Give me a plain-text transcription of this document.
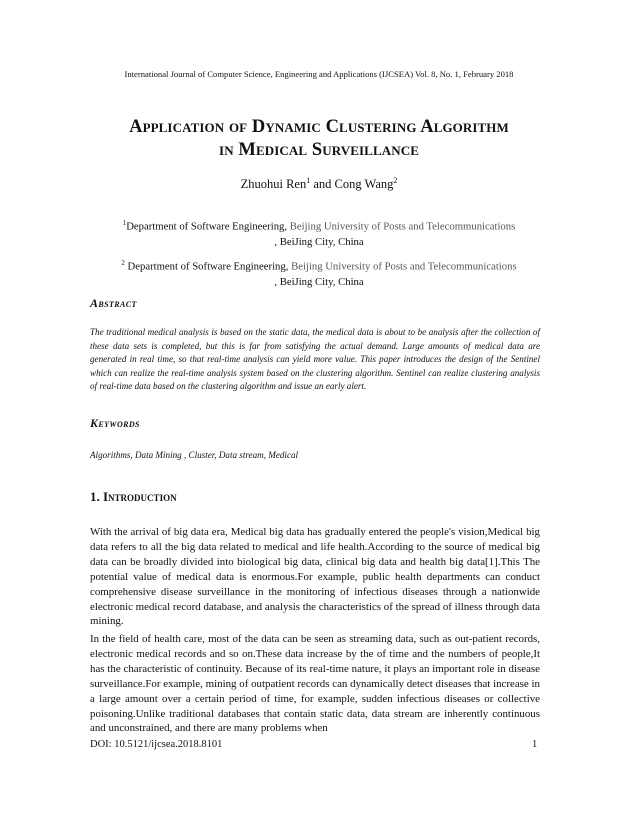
International Journal of Computer Science, Engineering and Applications (IJCSEA) Vol. 8, No. 1, February 2018
Application of Dynamic Clustering Algorithm
in Medical Surveillance
Zhuohui Ren$^1$ and Cong Wang$^2$
$^1$Department of Software Engineering, Beijing University of Posts and Telecommunications
, BeiJing City, China
$^2$ Department of Software Engineering, Beijing University of Posts and Telecommunications
, BeiJing City, China
Abstract
The traditional medical analysis is based on the static data, the medical data is about to be analysis after the collection of these data sets is completed, but this is far from satisfying the actual demand. Large amounts of medical data are generated in real time, so that real-time analysis can yield more value. This paper introduces the design of the Sentinel which can realize the real-time analysis system based on the clustering algorithm. Sentinel can realize clustering analysis of real-time data based on the clustering algorithm and issue an early alert.
Keywords
Algorithms, Data Mining , Cluster, Data stream, Medical
1. Introduction
With the arrival of big data era, Medical big data has gradually entered the people's vision,Medical big data refers to all the big data related to medical and life health.According to the source of medical big data can be broadly divided into biological big data, clinical big data and health big data[1].This The potential value of medical data is enormous.For example, public health departments can conduct comprehensive disease surveillance in the monitoring of infectious diseases through a nationwide electronic medical record database, and analysis the characteristics of the spread of illness through data mining.
In the field of health care, most of the data can be seen as streaming data, such as out-patient records, electronic medical records and so on.These data increase by the of time and the numbers of people,It has the characteristic of continuity. Because of its real-time nature, it plays an important role in disease surveillance.For example, mining of outpatient records can dynamically detect diseases that increase in a large amount over a certain period of time, for example, sudden infectious diseases or collective poisoning.Unlike traditional databases that contain static data, data stream are inherently continuous and unconstrained, and there are many problems when
DOI: 10.5121/ijcsea.2018.8101	1
